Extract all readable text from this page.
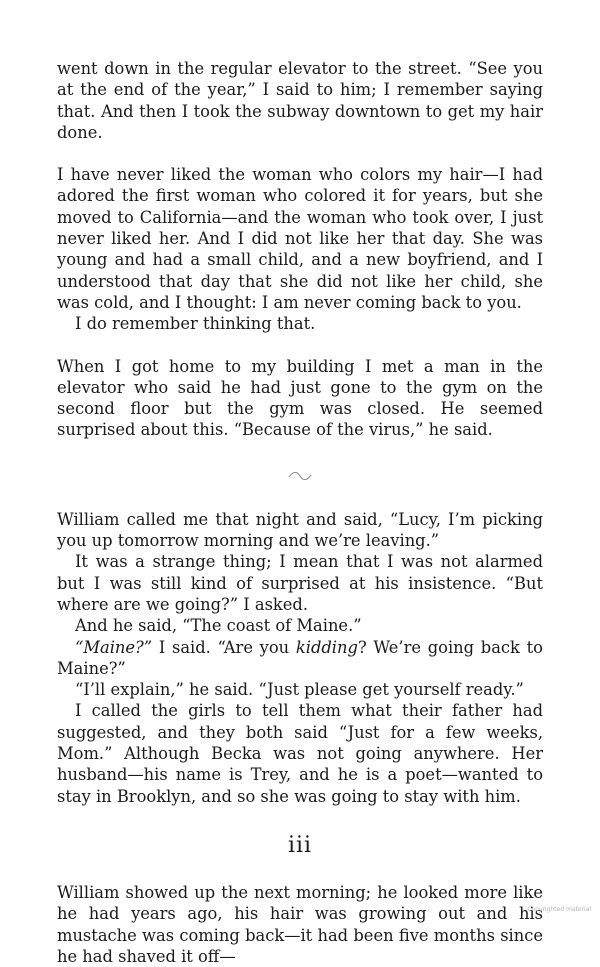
went down in the regular elevator to the street. “See you at the end of the year,” I said to him; I remember saying that. And then I took the subway downtown to get my hair done.

I have never liked the woman who colors my hair—I had adored the first woman who colored it for years, but she moved to California—and the woman who took over, I just never liked her. And I did not like her that day. She was young and had a small child, and a new boyfriend, and I understood that day that she did not like her child, she was cold, and I thought: I am never coming back to you.

I do remember thinking that.

When I got home to my building I met a man in the elevator who said he had just gone to the gym on the second floor but the gym was closed. He seemed surprised about this. “Because of the virus,” he said.

William called me that night and said, “Lucy, I’m picking you up tomorrow morning and we’re leaving.”

It was a strange thing; I mean that I was not alarmed but I was still kind of surprised at his insistence. “But where are we going?” I asked.

And he said, “The coast of Maine.”

“Maine?” I said. “Are you kidding? We’re going back to Maine?”

“I’ll explain,” he said. “Just please get yourself ready.”

I called the girls to tell them what their father had suggested, and they both said “Just for a few weeks, Mom.” Although Becka was not going anywhere. Her husband—his name is Trey, and he is a poet—wanted to stay in Brooklyn, and so she was going to stay with him.

iii

William showed up the next morning; he looked more like he had years ago, his hair was growing out and his mustache was coming back—it had been five months since he had shaved it off—

Copyrighted material
